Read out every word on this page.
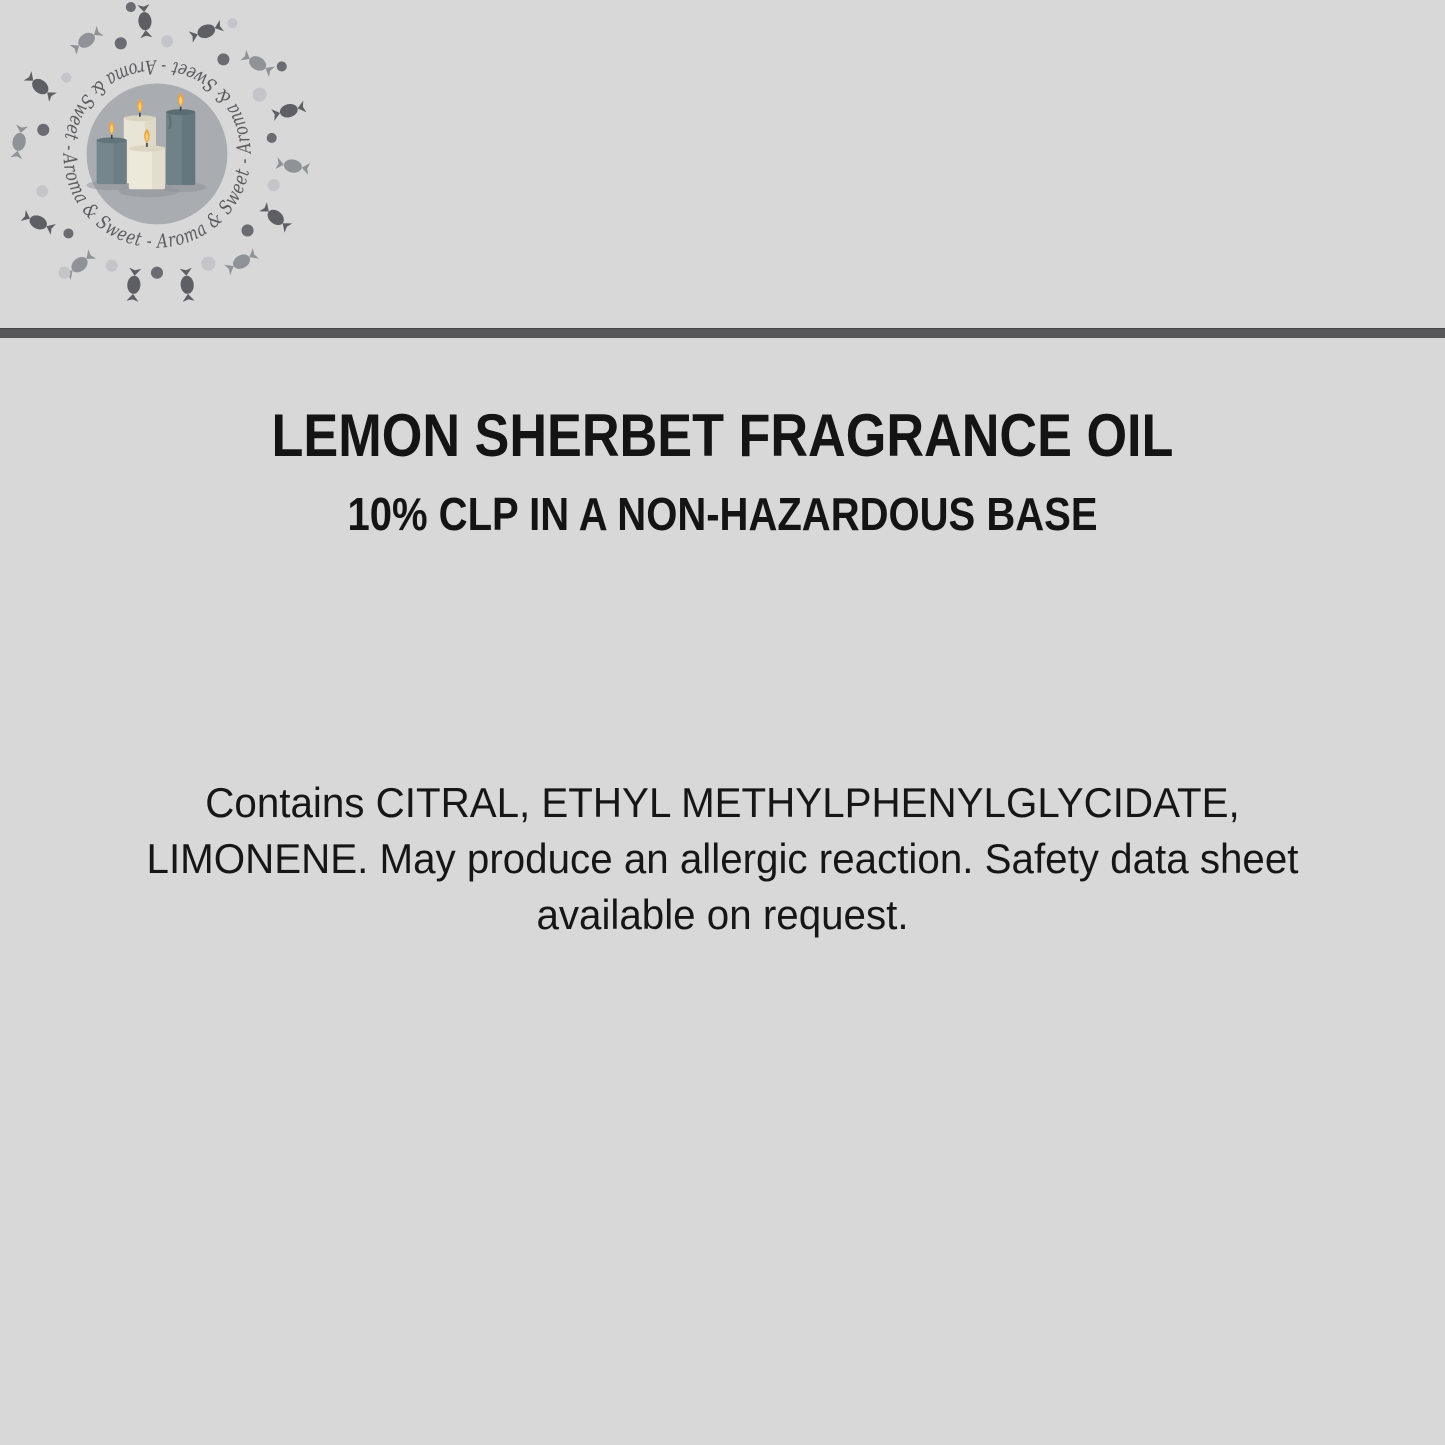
Aroma & Sweet - Aroma & Sweet - Aroma & Sweet - Aroma & Sweet -
LEMON SHERBET FRAGRANCE OIL
10% CLP IN A NON-HAZARDOUS BASE
Contains CITRAL, ETHYL METHYLPHENYLGLYCIDATE,
LIMONENE. May produce an allergic reaction. Safety data sheet
available on request.
